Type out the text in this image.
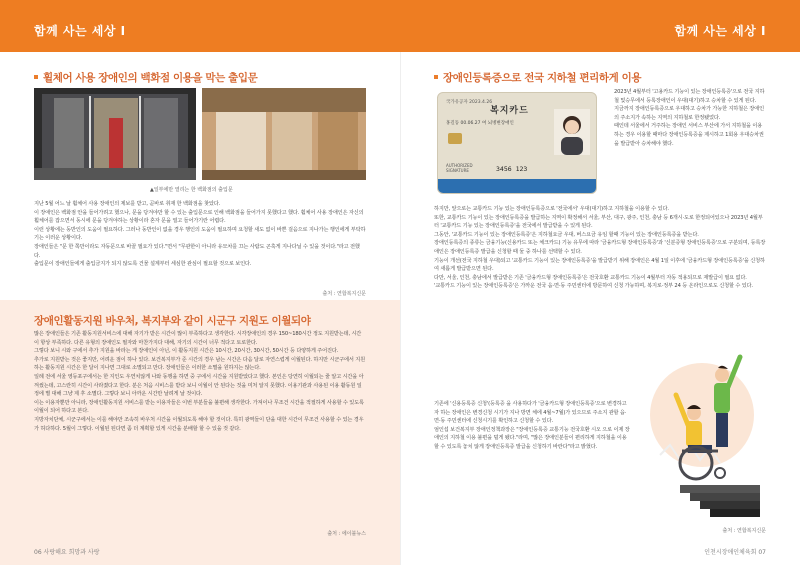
함께 사는 세상 Ⅰ	함께 사는 세상 Ⅰ
휠체어 사용 장애인의 백화점 이용을 막는 출입문
▲일부에만 열리는 한 백화점의 출입문

지난 5월 어느 날 휠체어 사용 장애인의 제보를 받고, 곧바로 취재 한 백화점을 찾았다.

이 장애인은 백화점 안을 들어가려고 했으나, 문을 당겨야만 할 수 있는 출입문으로 인해 백화점을 들어가지 못했다고 했다. 휠체어 사용 장애인은 자신의 휠체어를 잡으면서 동시에 문을 당겨야하는 상황이라 혼자 문을 열고 들어가기란 어렵다.

이런 상황에는 동반인의 도움이 필요하다. 그러나 동반인이 없을 경우 행인의 도움이 필요하며 요청할 새도 없이 바쁜 걸음으로 지나가는 행인에게 부탁하기는 이러운 상황이다.

장애인들은 "문 한 쪽만이라도 자동문으로 바꿀 필요가 있다."면서 "무관한이 아니라 유모차를 끄는 사람도 곤혹게 지나다닐 수 있을 것이다."라고 전했다.

출입문이 장애인들에게 출입금지가 되지 않도록 건물 설계부터 세심한 관심이 필요할 것으로 보인다.

출처 : 연합복지신문
장애인활동지원 바우처, 복지부와 같이 시군구 지원도 이월되야

많은 장애인들은 기존 활동지원서비스에 대해 자기가 받은 시간이 많이 부족하다고 생각한다. 시각장애인의 경우 150~180시간 정도 지원받는데, 시간이 항상 부족하다. 다른 유형의 장애인도 필자와 마찬가지다 대해, 자기의 시간이 너무 적다고 토로한다.

그렇다 보니 시와 구에서 추가 지원을 바라는 게 장애인이 아닌, 이 활동지원 시간은 10시간, 20시간, 30시간, 50시간 등 다양하게 주어진다.

추가로 지원받는 것은 좋지만, 어려운 점이 하나 있다. 보건복지부가 준 시간의 경우 남는 시간은 다음 달로 자연스럽게 이월된다. 하지만 시군구에서 지원하는 활동지원 시간은 한 달이 지나면 그대로 소멸되고 만다. 장애인들은 이러한 소멸을 원하지는 않는다.

일례 전에 서울 영등포구에서는 한 지인도 우연치않게 나와 동행을 하면 중 구에서 시간을 지원받았다고 했다. 본인은 당연히 이월되는 줄 알고 시간을 아껴썼는데, 고스란히 시간이 사라졌다고 한다. 분은 처음 시비스를 받다 보니 이월이 안 된다는 것을 미처 알지 못했다. 이용기관과 사용된 이용 활동원 일정에 별 대해 그냥 제 후 소멸다. 그렇다 보니 아까운 시간만 날려게 날 것이다.

이는 이용자뿐만 아니라, 장애인활동지원 서비스를 받는 이용자들은 이번 부분들을 불편해 생각한다. 가져이나 무조건 시간을 적절하게 사용할 수 있도록 이월이 되어 하다고 본다.

지방자치단체, 시군구에서는 이를 해야만 조속히 바우처 시간을 이월되도록 해야 할 것이다. 특히 광역들이 단을 대한 시간이 무조건 사용할 수 있는 경우가 허다하다. 5월이 그렇다. 이월된 된다면 좀 더 계획할 있게 시간을 분배할 할 수 있을 것 같다.

출처 : 에이블뉴스
06 사랑해요 희망과 사랑
장애인등록증으로 전국 지하철 편리하게 이용
국가유공자 2023.4.26
복지카드
홍길동 00.06.27 여 뇌병변장애인
AUTHORIZED SIGNATURE	3456 123

2023년 4월부터 '고용카드 기능이 있는 장애인등록증'으로 전국 지하철 및승무에서 등록장애인이 우대(대기)하고 승차할 수 있게 된다.

지금까지 장애인등록증으로 우대하고 승차가 가능한 지하철은 장애인의 주소지가 속하는 지역의 지하철로 한정됐었다.

때인데 서울에서 거주하는 장애인 서비스 부산에 가서 지하철을 이용하는 경우 이용할 때마다 장애인등록증을 제시하고 1회용 우대승차권을 발급받아 승차해야 했다.

하지만, 앞으로는 교통카드 기능 있는 장애인등록증으로 '전국에서' 우대(대기)하고 지하철을 이용할 수 있다.

또한, 교통카드 기능이 있는 장애인등록증을 발급하는 지역이 확정해서 서울, 부산, 대구, 광주, 인천, 충남 등 6개시·도로 한정되어있으나 2023년 4월부터 '교통카드 기능 있는 장애인등록증'을 전국에서 발급받을 수 있게 된다.

그동안, '교통카드 기능이 있는 장애인등록증'은 지하철요금 우대, 버스요금 유임 할때 기능이 있는 장애인등록증을 받는다.

장애인등록증의 종류는 금융기능(신용카드 또는 체크카드) 기능 유무에 따라 '금융카드형 장애인등록증'과 '신분증형 장애인등록증'으로 구분되며, 등록장애인은 장애인등록증 발급을 신청할 때 둘 중 하나를 선택할 수 있다.

기능이 개선(전국 지하철 우대)되고 '교통카드 기능이 있는 장애인등록증'을 발급받기 위해 장애인은 4월 1일 이후에 '금융카드형 장애인등록증'을 신청하여 새롭게 발급받으면 된다.

다만, 서울, 인천, 충남에서 발급받은 기존 '금융카드형 장애인등록증'은 전국호환 교통카드 기능이 4월부터 자동 적용되므로 재발급이 필요 없다.

'교통카드 기능이 있는 장애인등록증'은 가까운 전국 읍·면·동 주민센터에 방문하여 신청 가능하며, 복지로·정부 24 등 온라인으로도 신청할 수 있다.

기존에 '신용등록증 신청'(등록증 을 사용하다가 '금융카드형 장애인등록증'으로 변경하고자 하는 장애인은 변경신청 시기가 지나 방면 체에 4월~7월)가 있으므로 주소지 관할 읍·면·동 주민센터에 신청시기를 확인하고 신청할 수 있다.

엄인섭 보건복지부 장애인정책과장은 "장애인등록증 교통기능 전국호환 시오 으로 이제 장애인의 지하철 이용 불편을 덜게 됐다."라며, "많은 장애인분들이 편리하게 지하철을 이용할 수 있도록 놓치 않게 장애인등록증 발급을 신청하기 바란다"라고 밝혔다.

출처 : 연합복지신문
인천시장애인체육회 07
